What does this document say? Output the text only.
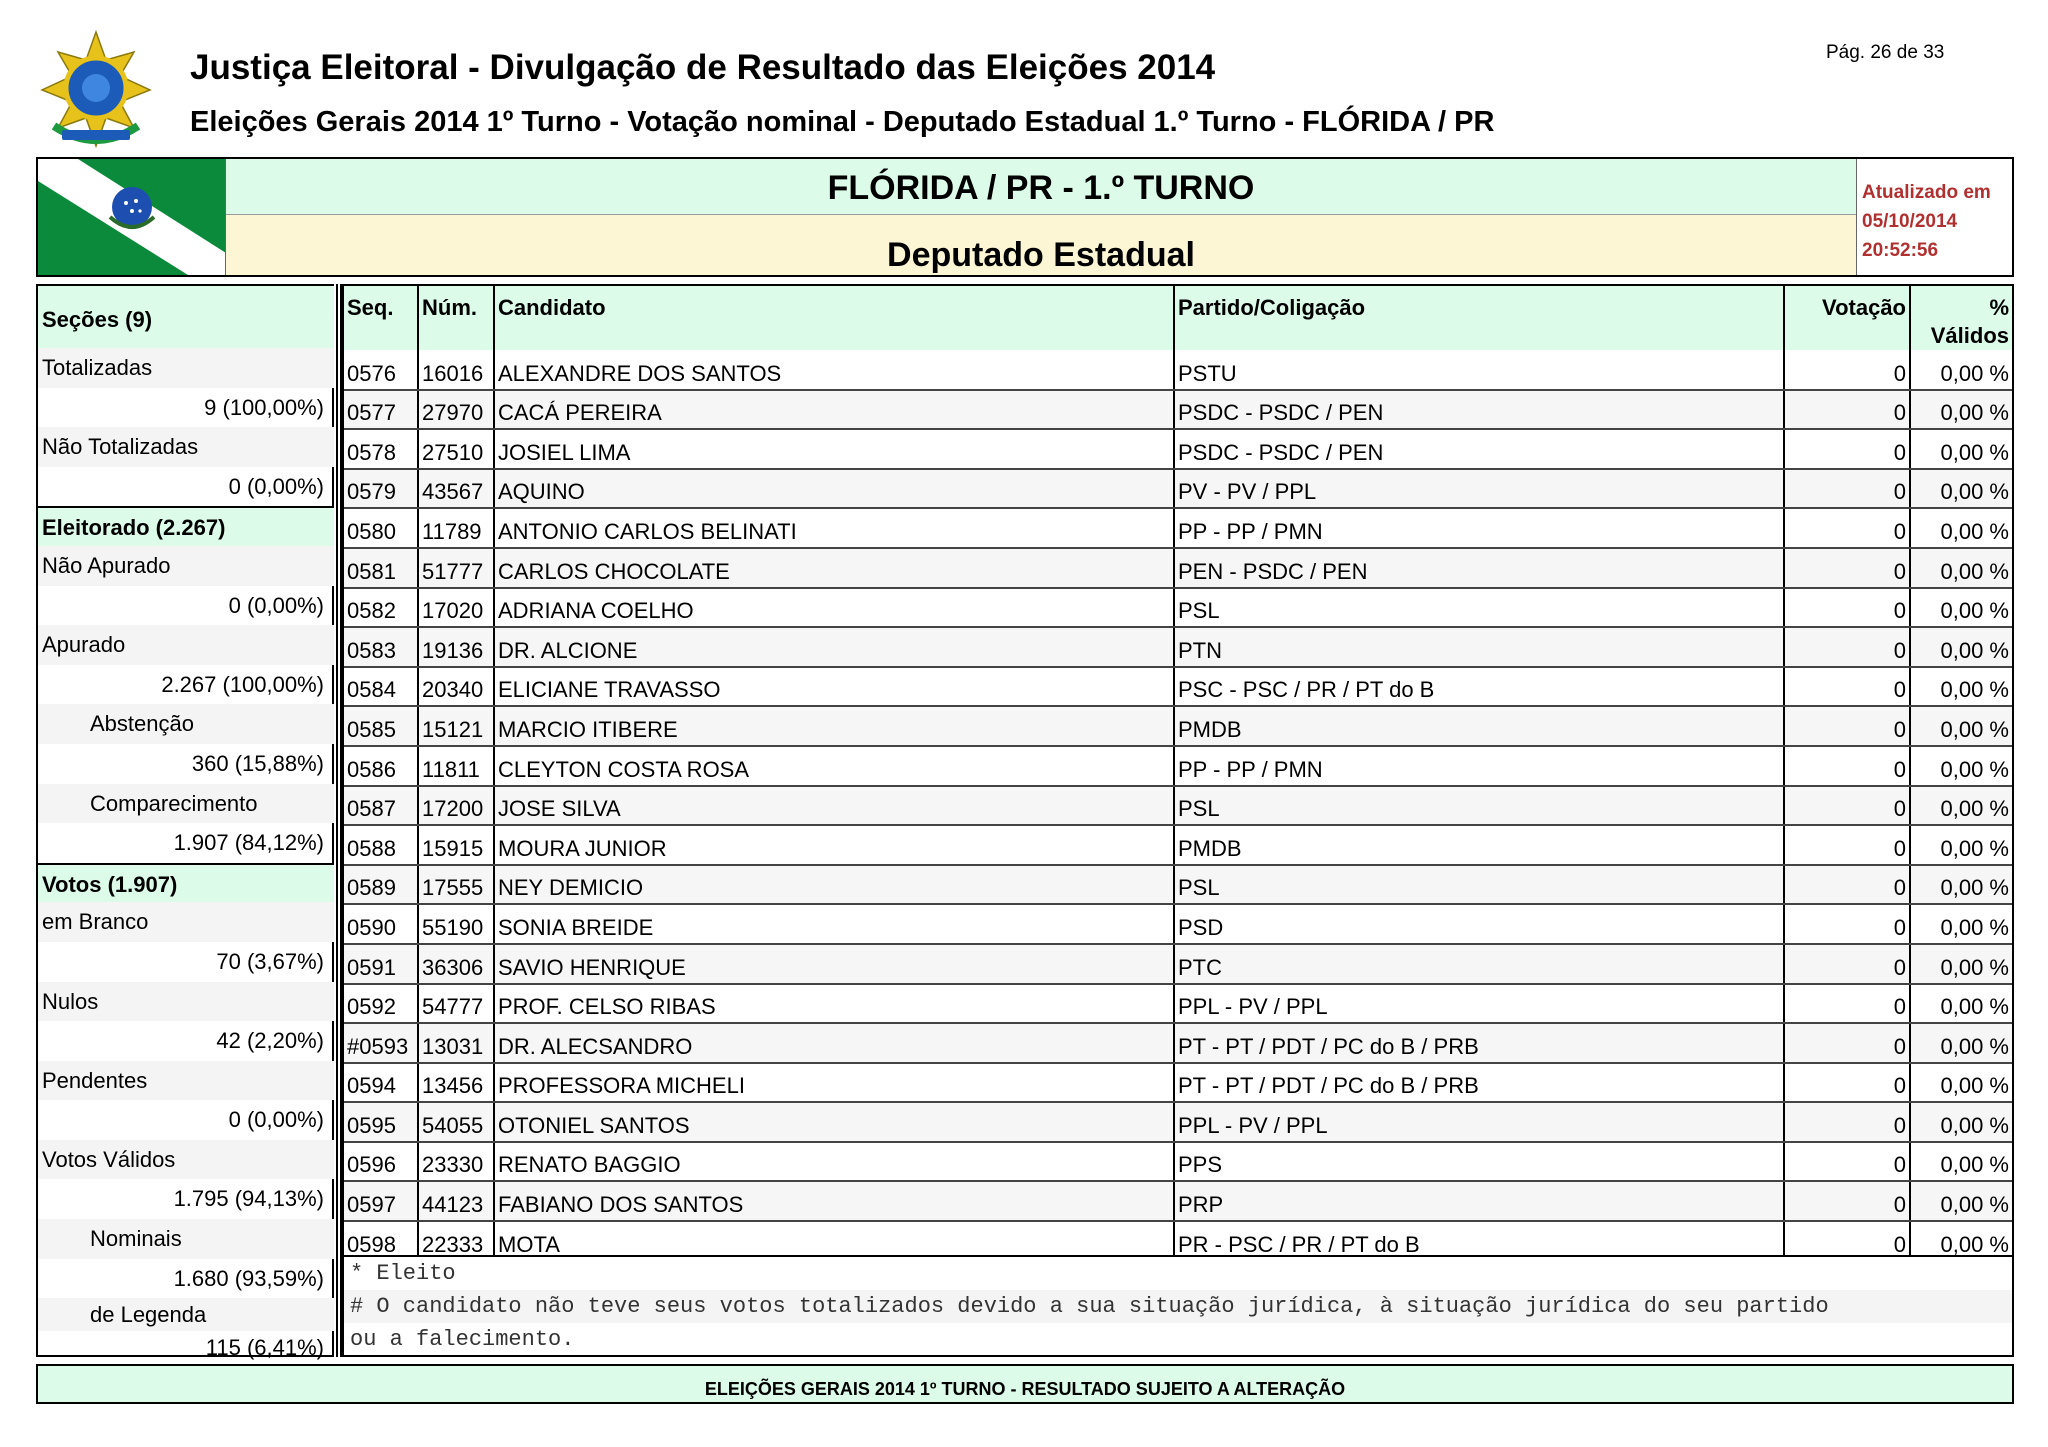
Justiça Eleitoral - Divulgação de Resultado das Eleições 2014
Eleições Gerais 2014 1º Turno - Votação nominal - Deputado Estadual 1.º Turno - FLÓRIDA / PR
Pág. 26 de 33
FLÓRIDA / PR - 1.º TURNO
Deputado Estadual
Atualizado em
05/10/2014
20:52:56
Seções (9)
Totalizadas
9 (100,00%)
Não Totalizadas
0 (0,00%)
Eleitorado (2.267)
Não Apurado
0 (0,00%)
Apurado
2.267 (100,00%)
Abstenção
360 (15,88%)
Comparecimento
1.907 (84,12%)
Votos (1.907)
em Branco
70 (3,67%)
Nulos
42 (2,20%)
Pendentes
0 (0,00%)
Votos Válidos
1.795 (94,13%)
Nominais
1.680 (93,59%)
de Legenda
115 (6,41%)
Seq.	Núm.	Candidato	Partido/Coligação	Votação	%
Válidos

0576	16016	ALEXANDRE DOS SANTOS	PSTU	0	0,00 %
0577	27970	CACÁ PEREIRA	PSDC - PSDC / PEN	0	0,00 %
0578	27510	JOSIEL LIMA	PSDC - PSDC / PEN	0	0,00 %
0579	43567	AQUINO	PV - PV / PPL	0	0,00 %
0580	11789	ANTONIO CARLOS BELINATI	PP - PP / PMN	0	0,00 %
0581	51777	CARLOS CHOCOLATE	PEN - PSDC / PEN	0	0,00 %
0582	17020	ADRIANA COELHO	PSL	0	0,00 %
0583	19136	DR. ALCIONE	PTN	0	0,00 %
0584	20340	ELICIANE TRAVASSO	PSC - PSC / PR / PT do B	0	0,00 %
0585	15121	MARCIO ITIBERE	PMDB	0	0,00 %
0586	11811	CLEYTON COSTA ROSA	PP - PP / PMN	0	0,00 %
0587	17200	JOSE SILVA	PSL	0	0,00 %
0588	15915	MOURA JUNIOR	PMDB	0	0,00 %
0589	17555	NEY DEMICIO	PSL	0	0,00 %
0590	55190	SONIA BREIDE	PSD	0	0,00 %
0591	36306	SAVIO HENRIQUE	PTC	0	0,00 %
0592	54777	PROF. CELSO RIBAS	PPL - PV / PPL	0	0,00 %
#0593	13031	DR. ALECSANDRO	PT - PT / PDT / PC do B / PRB	0	0,00 %
0594	13456	PROFESSORA MICHELI	PT - PT / PDT / PC do B / PRB	0	0,00 %
0595	54055	OTONIEL SANTOS	PPL - PV / PPL	0	0,00 %
0596	23330	RENATO BAGGIO	PPS	0	0,00 %
0597	44123	FABIANO DOS SANTOS	PRP	0	0,00 %
0598	22333	MOTA	PR - PSC / PR / PT do B	0	0,00 %
* Eleito
# O candidato não teve seus votos totalizados devido a sua situação jurídica, à situação jurídica do seu partido
ou a falecimento.
ELEIÇÕES GERAIS 2014 1º TURNO - RESULTADO SUJEITO A ALTERAÇÃO
